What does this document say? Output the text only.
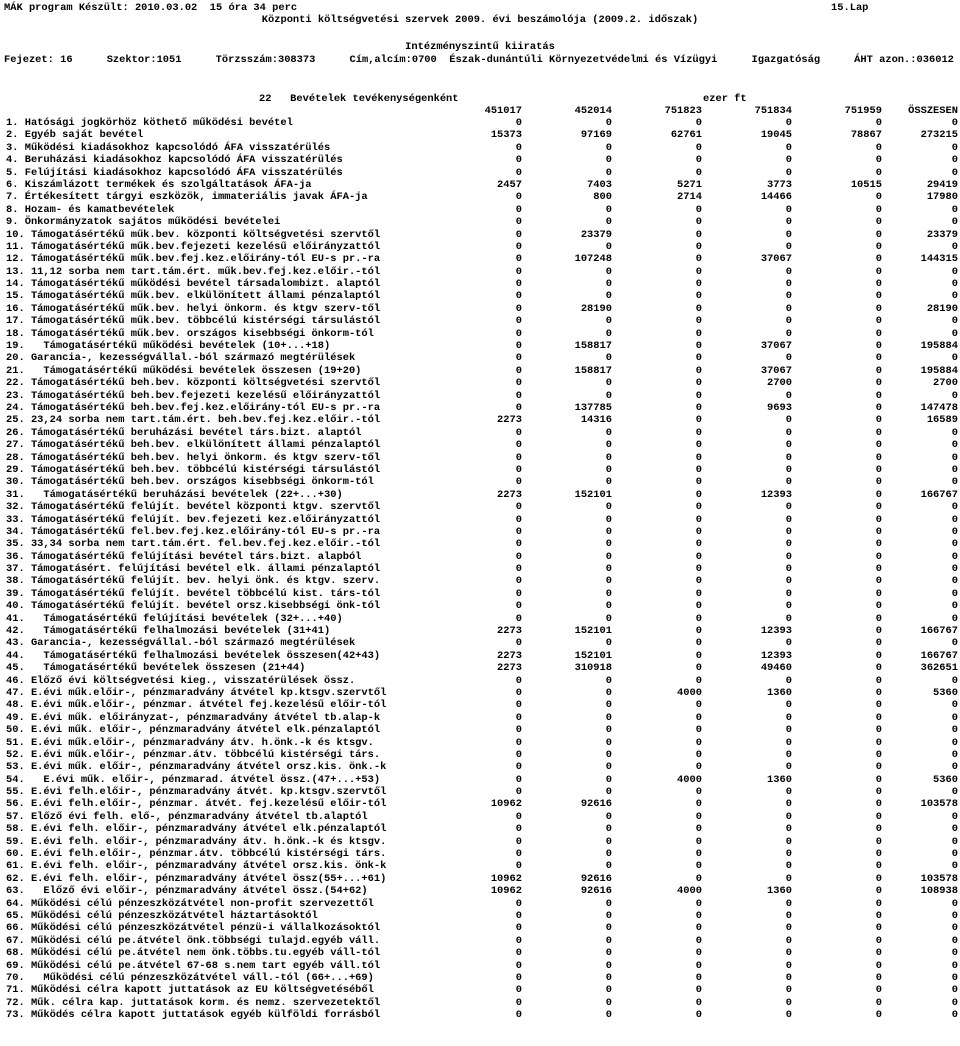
MÁK program Készült: 2010.03.02  15 óra 34 perc	15.Lap
Központi költségvetési szervek 2009. évi beszámolója (2009.2. időszak)
Intézményszintű kiiratás
Fejezet: 16	Szektor:1051	Törzsszám:308373	Cím,alcím:0700  Észak-dunántúli Környezetvédelmi és Vízügyi	Igazgatóság	ÁHT azon.:036012
22   Bevételek tevékenységenként	ezer ft
451017	452014	751823	751834	751959	ÖSSZESEN
1. Hatósági jogkörhöz köthető működési bevétel	0	0	0	0	0	0
2. Egyéb saját bevétel	15373	97169	62761	19045	78867	273215
3. Működési kiadásokhoz kapcsolódó ÁFA visszatérülés	0	0	0	0	0	0
4. Beruházási kiadásokhoz kapcsolódó ÁFA visszatérülés	0	0	0	0	0	0
5. Felújítási kiadásokhoz kapcsolódó ÁFA visszatérülés	0	0	0	0	0	0
6. Kiszámlázott termékek és szolgáltatások ÁFA-ja	2457	7403	5271	3773	10515	29419
7. Értékesített tárgyi eszközök, immateriális javak ÁFA-ja	0	800	2714	14466	0	17980
8. Hozam- és kamatbevételek	0	0	0	0	0	0
9. Önkormányzatok sajátos működési bevételei	0	0	0	0	0	0
10. Támogatásértékű műk.bev. központi költségvetési szervtől	0	23379	0	0	0	23379
11. Támogatásértékű műk.bev.fejezeti kezelésű előirányzattól	0	0	0	0	0	0
12. Támogatásértékű műk.bev.fej.kez.előirány-tól EU-s pr.-ra	0	107248	0	37067	0	144315
13. 11,12 sorba nem tart.tám.ért. műk.bev.fej.kez.előir.-tól	0	0	0	0	0	0
14. Támogatásértékű működési bevétel társadalombizt. alaptól	0	0	0	0	0	0
15. Támogatásértékű műk.bev. elkülönített állami pénzalaptól	0	0	0	0	0	0
16. Támogatásértékű műk.bev. helyi önkorm. és ktgv szerv-től	0	28190	0	0	0	28190
17. Támogatásértékű műk.bev. többcélú kistérségi társulástól	0	0	0	0	0	0
18. Támogatásértékű műk.bev. országos kisebbségi önkorm-tól	0	0	0	0	0	0
19.   Támogatásértékű működési bevételek (10+...+18)	0	158817	0	37067	0	195884
20. Garancia-, kezességvállal.-ból származó megtérülések	0	0	0	0	0	0
21.   Támogatásértékű működési bevételek összesen (19+20)	0	158817	0	37067	0	195884
22. Támogatásértékű beh.bev. központi költségvetési szervtől	0	0	0	2700	0	2700
23. Támogatásértékű beh.bev.fejezeti kezelésű előirányzattól	0	0	0	0	0	0
24. Támogatásértékű beh.bev.fej.kez.előirány-tól EU-s pr.-ra	0	137785	0	9693	0	147478
25. 23,24 sorba nem tart.tám.ért. beh.bev.fej.kez.előir.-tól	2273	14316	0	0	0	16589
26. Támogatásértékű beruházási bevétel társ.bizt. alaptól	0	0	0	0	0	0
27. Támogatásértékű beh.bev. elkülönített állami pénzalaptól	0	0	0	0	0	0
28. Támogatásértékű beh.bev. helyi önkorm. és ktgv szerv-től	0	0	0	0	0	0
29. Támogatásértékű beh.bev. többcélú kistérségi társulástól	0	0	0	0	0	0
30. Támogatásértékű beh.bev. országos kisebbségi önkorm-tól	0	0	0	0	0	0
31.   Támogatásértékű beruházási bevételek (22+...+30)	2273	152101	0	12393	0	166767
32. Támogatásértékű felújít. bevétel központi ktgv. szervtől	0	0	0	0	0	0
33. Támogatásértékű felújít. bev.fejezeti kez.előirányzattól	0	0	0	0	0	0
34. Támogatásértékű fel.bev.fej.kez.előirány-tól EU-s pr.-ra	0	0	0	0	0	0
35. 33,34 sorba nem tart.tám.ért. fel.bev.fej.kez.előir.-tól	0	0	0	0	0	0
36. Támogatásértékű felújítási bevétel társ.bizt. alapból	0	0	0	0	0	0
37. Támogatásért. felújítási bevétel elk. állami pénzalaptól	0	0	0	0	0	0
38. Támogatásértékű felújít. bev. helyi önk. és ktgv. szerv.	0	0	0	0	0	0
39. Támogatásértékű felújít. bevétel többcélú kist. társ-tól	0	0	0	0	0	0
40. Támogatásértékű felújít. bevétel orsz.kisebbségi önk-tól	0	0	0	0	0	0
41.   Támogatásértékű felújítási bevételek (32+...+40)	0	0	0	0	0	0
42.   Támogatásértékű felhalmozási bevételek (31+41)	2273	152101	0	12393	0	166767
43. Garancia-, kezességvállal.-ból származó megtérülések	0	0	0	0	0	0
44.   Támogatásértékű felhalmozási bevételek összesen(42+43)	2273	152101	0	12393	0	166767
45.   Támogatásértékű bevételek összesen (21+44)	2273	310918	0	49460	0	362651
46. Előző évi költségvetési kieg., visszatérülések össz.	0	0	0	0	0	0
47. E.évi műk.előir-, pénzmaradvány átvétel kp.ktsgv.szervtől	0	0	4000	1360	0	5360
48. E.évi műk.előir-, pénzmar. átvétel fej.kezelésű előir-tól	0	0	0	0	0	0
49. E.évi műk. előirányzat-, pénzmaradvány átvétel tb.alap-k	0	0	0	0	0	0
50. E.évi műk. előir-, pénzmaradvány átvétel elk.pénzalaptól	0	0	0	0	0	0
51. E.évi műk.előir-, pénzmaradvány átv. h.önk.-k és ktsgv.	0	0	0	0	0	0
52. E.évi műk.előir-, pénzmar.átv. többcélú kistérségi társ.	0	0	0	0	0	0
53. E.évi műk. előir-, pénzmaradvány átvétel orsz.kis. önk.-k	0	0	0	0	0	0
54.   E.évi műk. előir-, pénzmarad. átvétel össz.(47+...+53)	0	0	4000	1360	0	5360
55. E.évi felh.előir-, pénzmaradvány átvét. kp.ktsgv.szervtől	0	0	0	0	0	0
56. E.évi felh.előir-, pénzmar. átvét. fej.kezelésű előir-tól	10962	92616	0	0	0	103578
57. Előző évi felh. elő-, pénzmaradvány átvétel tb.alaptól	0	0	0	0	0	0
58. E.évi felh. előir-, pénzmaradvány átvétel elk.pénzalaptól	0	0	0	0	0	0
59. E.évi felh. előir-, pénzmaradvány átv. h.önk.-k és ktsgv.	0	0	0	0	0	0
60. E.évi felh.előir-, pénzmar.átv. többcélú kistérségi társ.	0	0	0	0	0	0
61. E.évi felh. előir-, pénzmaradvány átvétel orsz.kis. önk-k	0	0	0	0	0	0
62. E.évi felh. előir-, pénzmaradvány átvétel össz(55+...+61)	10962	92616	0	0	0	103578
63.   Előző évi előir-, pénzmaradvány átvétel össz.(54+62)	10962	92616	4000	1360	0	108938
64. Működési célú pénzeszközátvétel non-profit szervezettől	0	0	0	0	0	0
65. Működési célú pénzeszközátvétel háztartásoktól	0	0	0	0	0	0
66. Működési célú pénzeszközátvétel pénzü-i vállalkozásoktól	0	0	0	0	0	0
67. Működési célú pe.átvétel önk.többségi tulajd.egyéb váll.	0	0	0	0	0	0
68. Működési célú pe.átvétel nem önk.többs.tu.egyéb váll-tól	0	0	0	0	0	0
69. Működési célú pe.átvétel 67-68 s.nem tart egyéb váll.tól	0	0	0	0	0	0
70.   Működési célú pénzeszközátvétel váll.-tól (66+...+69)	0	0	0	0	0	0
71. Működési célra kapott juttatások az EU költségvetéséből	0	0	0	0	0	0
72. Műk. célra kap. juttatások korm. és nemz. szervezetektől	0	0	0	0	0	0
73. Működés célra kapott juttatások egyéb külföldi forrásból	0	0	0	0	0	0
